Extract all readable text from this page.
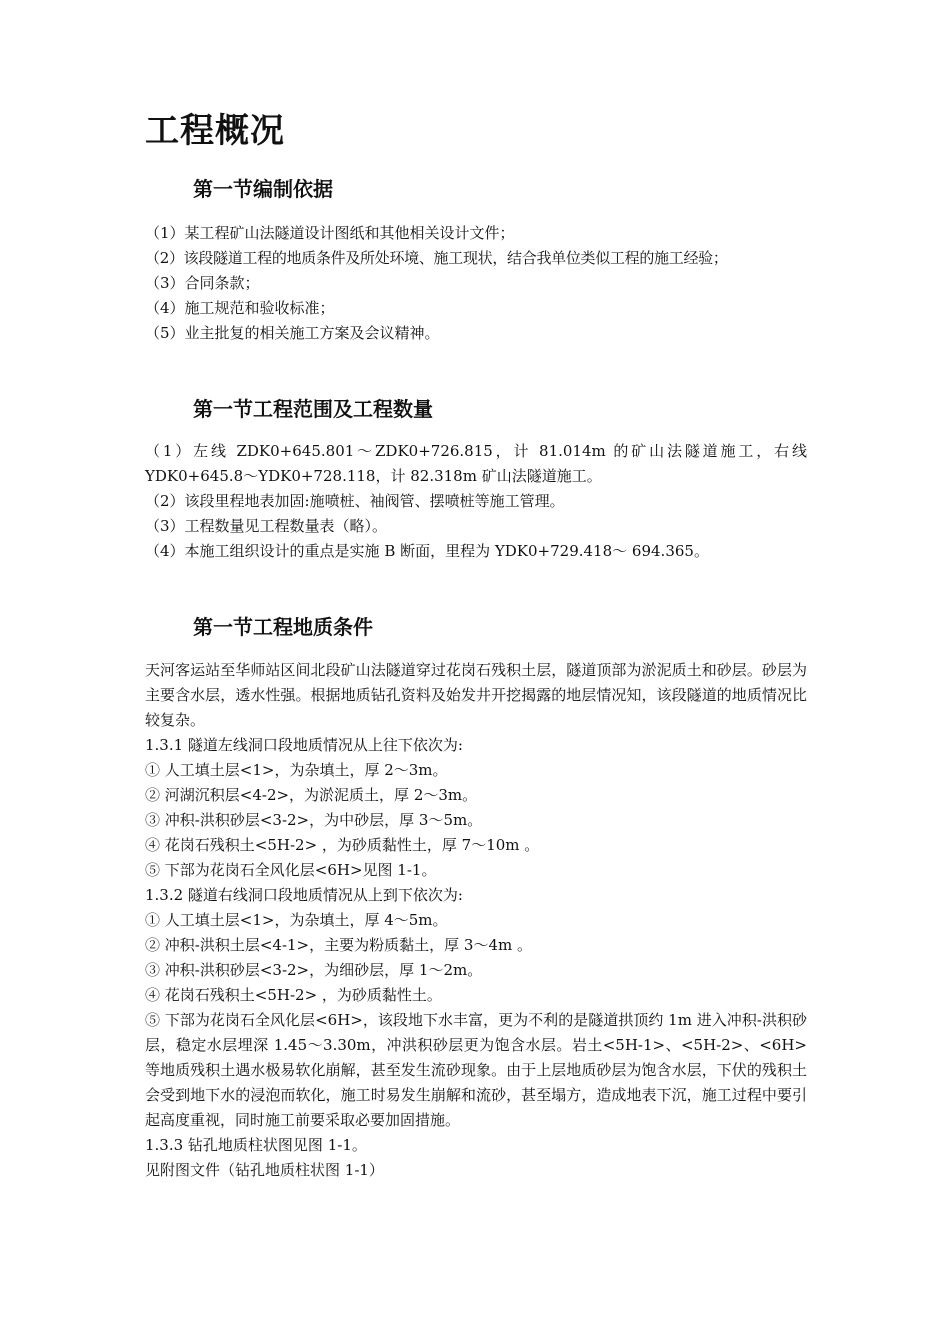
工程概况
第一节编制依据
（1）某工程矿山法隧道设计图纸和其他相关设计文件；
（2）该段隧道工程的地质条件及所处环境、施工现状，结合我单位类似工程的施工经验；
（3）合同条款；
（4）施工规范和验收标准；
（5）业主批复的相关施工方案及会议精神。
第一节工程范围及工程数量
（1）左线 ZDK0+645.801～ZDK0+726.815，计 81.014m 的矿山法隧道施工，右线
YDK0+645.8～YDK0+728.118，计 82.318m 矿山法隧道施工。
（2）该段里程地表加固:施喷桩、袖阀管、摆喷桩等施工管理。
（3）工程数量见工程数量表（略）。
（4）本施工组织设计的重点是实施 B 断面，里程为 YDK0+729.418～ 694.365。
第一节工程地质条件
天河客运站至华师站区间北段矿山法隧道穿过花岗石残积土层，隧道顶部为淤泥质土和砂层。砂层为主要含水层，透水性强。根据地质钻孔资料及始发井开挖揭露的地层情况知，该段隧道的地质情况比较复杂。
1.3.1 隧道左线洞口段地质情况从上往下依次为:
① 人工填土层<1>，为杂填土，厚 2～3m。
② 河湖沉积层<4-2>，为淤泥质土，厚 2～3m。
③ 冲积-洪积砂层<3-2>，为中砂层，厚 3～5m。
④ 花岗石残积土<5H-2> ，为砂质黏性土，厚 7～10m 。
⑤ 下部为花岗石全风化层<6H>见图 1-1。
1.3.2 隧道右线洞口段地质情况从上到下依次为:
① 人工填土层<1>，为杂填土，厚 4～5m。
② 冲积-洪积土层<4-1>，主要为粉质黏土，厚 3～4m 。
③ 冲积-洪积砂层<3-2>，为细砂层，厚 1～2m。
④ 花岗石残积土<5H-2> ，为砂质黏性土。
⑤ 下部为花岗石全风化层<6H>，该段地下水丰富，更为不利的是隧道拱顶约 1m 进入冲积-洪积砂层，稳定水层埋深 1.45～3.30m，冲洪积砂层更为饱含水层。岩土<5H-1>、<5H-2>、<6H>等地质残积土遇水极易软化崩解，甚至发生流砂现象。由于上层地质砂层为饱含水层，下伏的残积土会受到地下水的浸泡而软化，施工时易发生崩解和流砂，甚至塌方，造成地表下沉，施工过程中要引起高度重视，同时施工前要采取必要加固措施。
1.3.3 钻孔地质柱状图见图 1-1。
见附图文件（钻孔地质柱状图 1-1）
